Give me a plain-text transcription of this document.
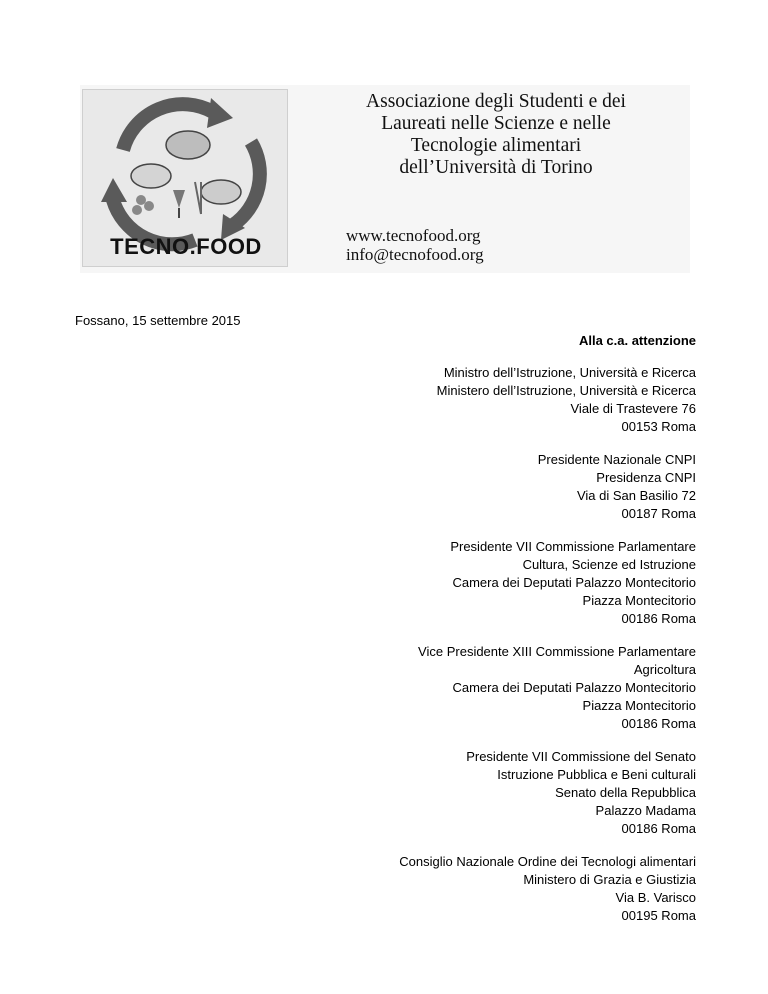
TECNO.FOOD
Associazione degli Studenti e dei
Laureati nelle Scienze e nelle
Tecnologie alimentari
dell’Università di Torino
www.tecnofood.org
info@tecnofood.org
Fossano, 15 settembre 2015
Alla c.a. attenzione
Ministro dell’Istruzione, Università e Ricerca
Ministero dell’Istruzione, Università e Ricerca
Viale di Trastevere 76
00153 Roma
Presidente Nazionale CNPI
Presidenza CNPI
Via di San Basilio 72
00187 Roma
Presidente VII Commissione Parlamentare
Cultura, Scienze ed Istruzione
Camera dei Deputati Palazzo Montecitorio
Piazza Montecitorio
00186 Roma
Vice Presidente XIII Commissione Parlamentare
Agricoltura
Camera dei Deputati Palazzo Montecitorio
Piazza Montecitorio
00186 Roma
Presidente VII Commissione del Senato
Istruzione Pubblica e Beni culturali
Senato della Repubblica
Palazzo Madama
00186 Roma
Consiglio Nazionale Ordine dei Tecnologi alimentari
Ministero di Grazia e Giustizia
Via B. Varisco
00195 Roma
